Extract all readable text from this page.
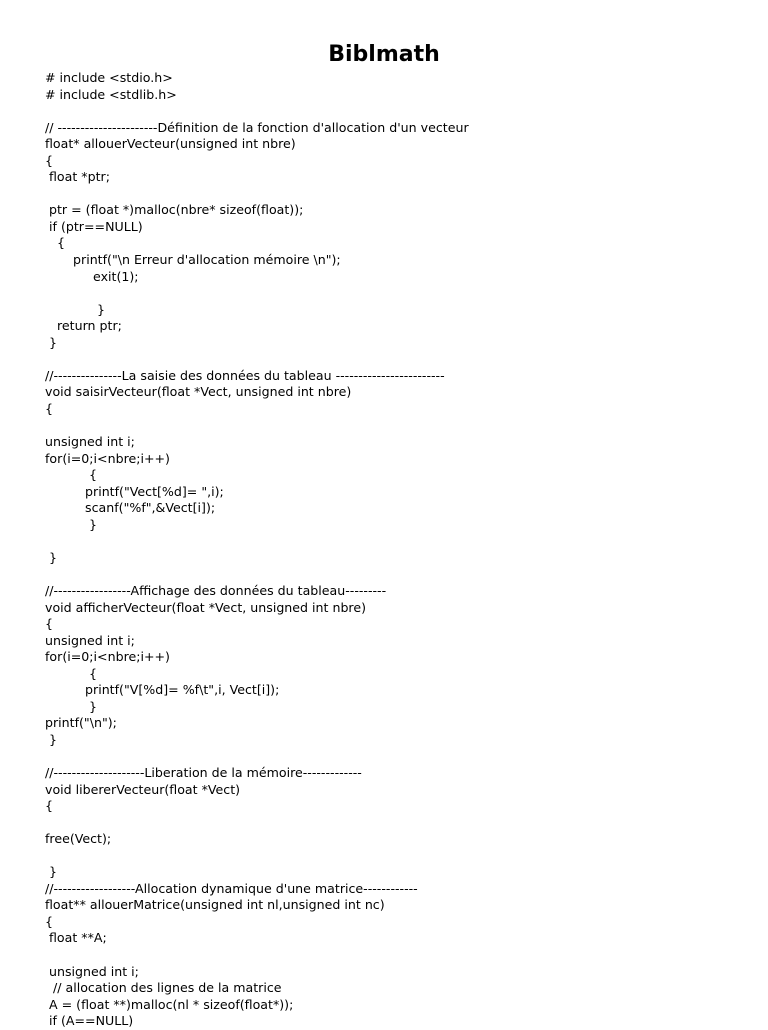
Biblmath
# include <stdio.h>
# include <stdlib.h>

// ----------------------Définition de la fonction d'allocation d'un vecteur
float* allouerVecteur(unsigned int nbre)
{
float *ptr;

ptr = (float *)malloc(nbre* sizeof(float));
if (ptr==NULL)
{
printf("\n Erreur d'allocation mémoire \n");
exit(1);

}
return ptr;
}

//---------------La saisie des données du tableau ------------------------
void saisirVecteur(float *Vect, unsigned int nbre)
{

unsigned int i;
for(i=0;i<nbre;i++)
{
printf("Vect[%d]= ",i);
scanf("%f",&Vect[i]);
}

}

//-----------------Affichage des données du tableau---------
void afficherVecteur(float *Vect, unsigned int nbre)
{
unsigned int i;
for(i=0;i<nbre;i++)
{
printf("V[%d]= %f\t",i, Vect[i]);
}
printf("\n");
}

//--------------------Liberation de la mémoire-------------
void libererVecteur(float *Vect)
{

free(Vect);

}
//------------------Allocation dynamique d'une matrice------------
float** allouerMatrice(unsigned int nl,unsigned int nc)
{
float **A;

unsigned int i;
// allocation des lignes de la matrice
A = (float **)malloc(nl * sizeof(float*));
if (A==NULL)
